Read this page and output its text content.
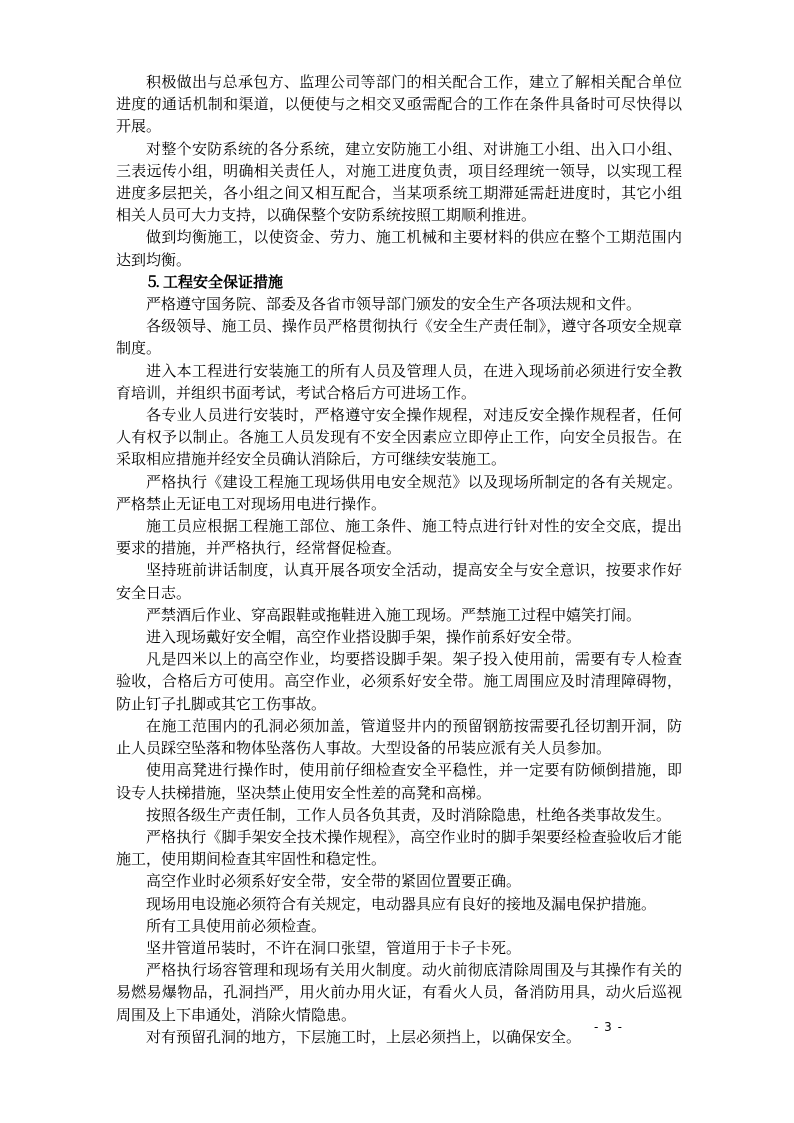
积极做出与总承包方、监理公司等部门的相关配合工作，建立了解相关配合单位进度的通话机制和渠道，以便使与之相交叉亟需配合的工作在条件具备时可尽快得以开展。

对整个安防系统的各分系统，建立安防施工小组、对讲施工小组、出入口小组、三表远传小组，明确相关责任人，对施工进度负责，项目经理统一领导，以实现工程进度多层把关，各小组之间又相互配合，当某项系统工期滞延需赶进度时，其它小组相关人员可大力支持，以确保整个安防系统按照工期顺利推进。

做到均衡施工，以使资金、劳力、施工机械和主要材料的供应在整个工期范围内达到均衡。

⒌ 工程安全保证措施

严格遵守国务院、部委及各省市领导部门颁发的安全生产各项法规和文件。

各级领导、施工员、操作员严格贯彻执行《安全生产责任制》，遵守各项安全规章制度。

进入本工程进行安装施工的所有人员及管理人员，在进入现场前必须进行安全教育培训，并组织书面考试，考试合格后方可进场工作。

各专业人员进行安装时，严格遵守安全操作规程，对违反安全操作规程者，任何人有权予以制止。各施工人员发现有不安全因素应立即停止工作，向安全员报告。在采取相应措施并经安全员确认消除后，方可继续安装施工。

严格执行《建设工程施工现场供用电安全规范》以及现场所制定的各有关规定。严格禁止无证电工对现场用电进行操作。

施工员应根据工程施工部位、施工条件、施工特点进行针对性的安全交底，提出要求的措施，并严格执行，经常督促检查。

坚持班前讲话制度，认真开展各项安全活动，提高安全与安全意识，按要求作好安全日志。

严禁酒后作业、穿高跟鞋或拖鞋进入施工现场。严禁施工过程中嬉笑打闹。

进入现场戴好安全帽，高空作业搭设脚手架，操作前系好安全带。

凡是四米以上的高空作业，均要搭设脚手架。架子投入使用前，需要有专人检查验收，合格后方可使用。高空作业，必须系好安全带。施工周围应及时清理障碍物，防止钉子扎脚或其它工伤事故。

在施工范围内的孔洞必须加盖，管道竖井内的预留钢筋按需要孔径切割开洞，防止人员踩空坠落和物体坠落伤人事故。大型设备的吊装应派有关人员参加。

使用高凳进行操作时，使用前仔细检查安全平稳性，并一定要有防倾倒措施，即设专人扶梯措施，坚决禁止使用安全性差的高凳和高梯。

按照各级生产责任制，工作人员各负其责，及时消除隐患，杜绝各类事故发生。

严格执行《脚手架安全技术操作规程》，高空作业时的脚手架要经检查验收后才能施工，使用期间检查其牢固性和稳定性。

高空作业时必须系好安全带，安全带的紧固位置要正确。

现场用电设施必须符合有关规定，电动器具应有良好的接地及漏电保护措施。

所有工具使用前必须检查。

坚井管道吊装时，不许在洞口张望，管道用于卡子卡死。

严格执行场容管理和现场有关用火制度。动火前彻底清除周围及与其操作有关的易燃易爆物品，孔洞挡严，用火前办用火证，有看火人员，备消防用具，动火后巡视周围及上下串通处，消除火情隐患。

对有预留孔洞的地方，下层施工时，上层必须挡上，以确保安全。

- 3 -
